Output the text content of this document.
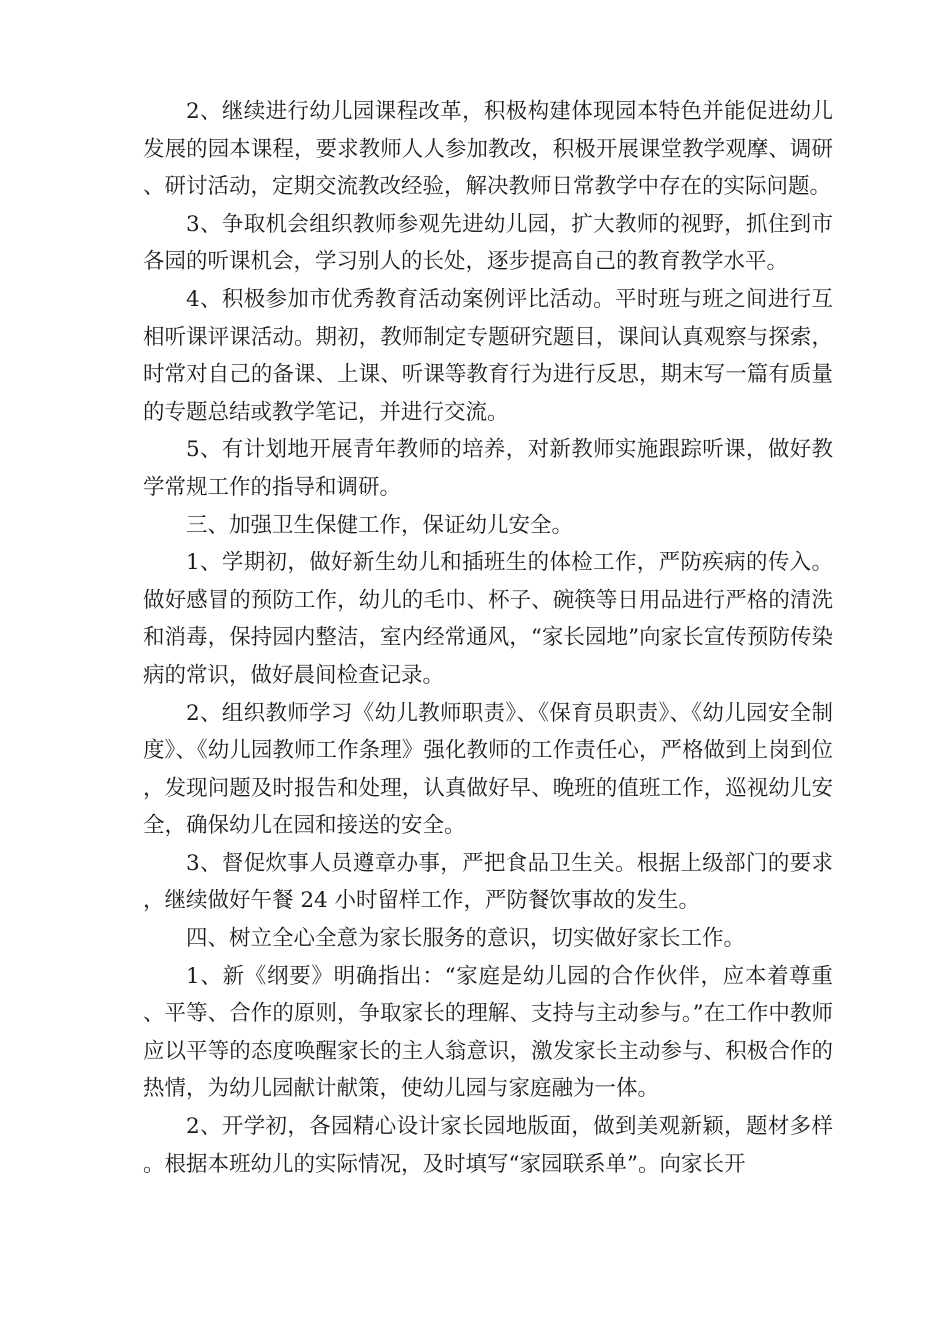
2、继续进行幼儿园课程改革，积极构建体现园本特色并能促进幼儿发展的园本课程，要求教师人人参加教改，积极开展课堂教学观摩、调研、研讨活动，定期交流教改经验，解决教师日常教学中存在的实际问题。

3、争取机会组织教师参观先进幼儿园，扩大教师的视野，抓住到市各园的听课机会，学习别人的长处，逐步提高自己的教育教学水平。

4、积极参加市优秀教育活动案例评比活动。平时班与班之间进行互相听课评课活动。期初，教师制定专题研究题目，课间认真观察与探索，时常对自己的备课、上课、听课等教育行为进行反思，期末写一篇有质量的专题总结或教学笔记，并进行交流。

5、有计划地开展青年教师的培养，对新教师实施跟踪听课，做好教学常规工作的指导和调研。

三、加强卫生保健工作，保证幼儿安全。

1、学期初，做好新生幼儿和插班生的体检工作，严防疾病的传入。做好感冒的预防工作，幼儿的毛巾、杯子、碗筷等日用品进行严格的清洗和消毒，保持园内整洁，室内经常通风，“家长园地”向家长宣传预防传染病的常识，做好晨间检查记录。

2、组织教师学习《幼儿教师职责》、《保育员职责》、《幼儿园安全制度》、《幼儿园教师工作条理》强化教师的工作责任心，严格做到上岗到位，发现问题及时报告和处理，认真做好早、晚班的值班工作，巡视幼儿安全，确保幼儿在园和接送的安全。

3、督促炊事人员遵章办事，严把食品卫生关。根据上级部门的要求，继续做好午餐 24 小时留样工作，严防餐饮事故的发生。

四、树立全心全意为家长服务的意识，切实做好家长工作。

1、新《纲要》明确指出：“家庭是幼儿园的合作伙伴，应本着尊重、平等、合作的原则，争取家长的理解、支持与主动参与。”在工作中教师应以平等的态度唤醒家长的主人翁意识，激发家长主动参与、积极合作的热情，为幼儿园献计献策，使幼儿园与家庭融为一体。

2、开学初，各园精心设计家长园地版面，做到美观新颖，题材多样。根据本班幼儿的实际情况，及时填写“家园联系单”。向家长开
